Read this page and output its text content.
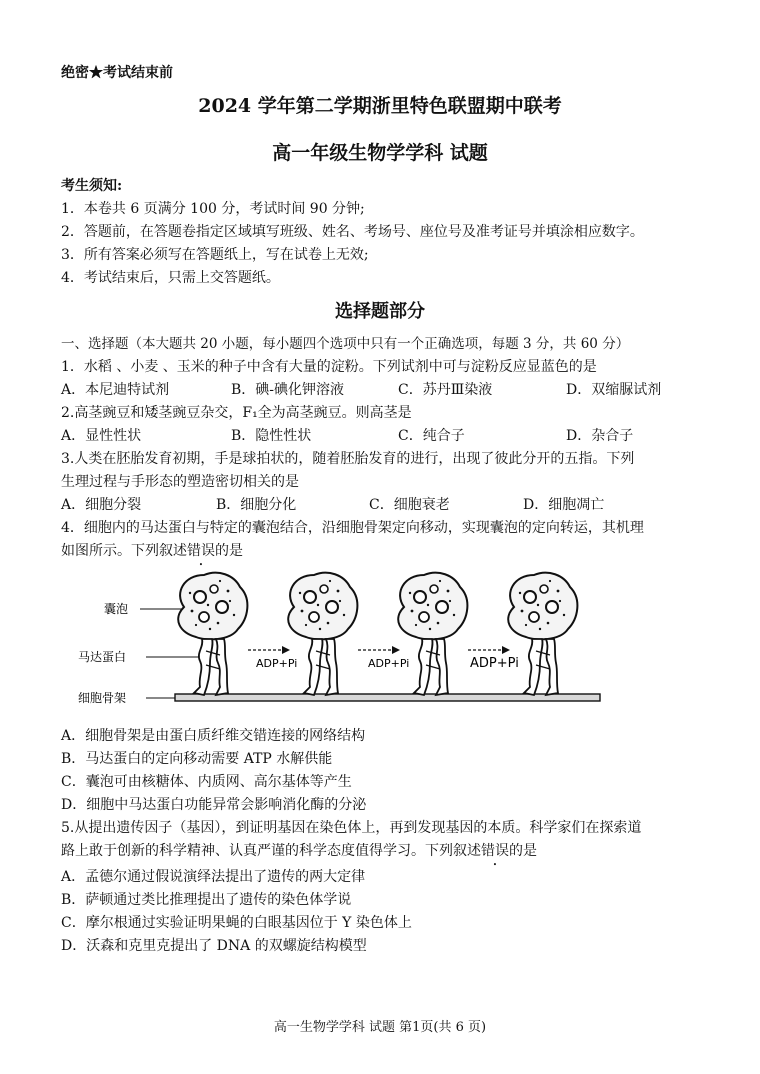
绝密★考试结束前
2024 学年第二学期浙里特色联盟期中联考
高一年级生物学学科 试题
考生须知:
1．本卷共 6 页满分 100 分，考试时间 90 分钟;
2．答题前，在答题卷指定区域填写班级、姓名、考场号、座位号及准考证号并填涂相应数字。
3．所有答案必须写在答题纸上，写在试卷上无效;
4．考试结束后，只需上交答题纸。
选择题部分
一、选择题（本大题共 20 小题，每小题四个选项中只有一个正确选项，每题 3 分，共 60 分）
1．水稻 、小麦 、玉米的种子中含有大量的淀粉。下列试剂中可与淀粉反应显蓝色的是
A．本尼迪特试剂	B．碘-碘化钾溶液	C．苏丹Ⅲ染液	D．双缩脲试剂
2.高茎豌豆和矮茎豌豆杂交，F₁全为高茎豌豆。则高茎是
A．显性性状	B．隐性性状	C．纯合子	D．杂合子
3.人类在胚胎发育初期，手是球拍状的，随着胚胎发育的进行，出现了彼此分开的五指。下列
生理过程与手形态的塑造密切相关的是
A．细胞分裂	B．细胞分化	C．细胞衰老	D．细胞凋亡
4．细胞内的马达蛋白与特定的囊泡结合，沿细胞骨架定向移动，实现囊泡的定向转运，其机理
如图所示。下列叙述错误的是
囊泡
马达蛋白
细胞骨架
ADP+Pi	ADP+Pi	ADP+Pi
A．细胞骨架是由蛋白质纤维交错连接的网络结构
B．马达蛋白的定向移动需要 ATP 水解供能
C．囊泡可由核糖体、内质网、高尔基体等产生
D．细胞中马达蛋白功能异常会影响消化酶的分泌
5.从提出遗传因子（基因），到证明基因在染色体上，再到发现基因的本质。科学家们在探索道
路上敢于创新的科学精神、认真严谨的科学态度值得学习。下列叙述错误的是
A．孟德尔通过假说演绎法提出了遗传的两大定律
B．萨顿通过类比推理提出了遗传的染色体学说
C．摩尔根通过实验证明果蝇的白眼基因位于 Y 染色体上
D．沃森和克里克提出了 DNA 的双螺旋结构模型
高一生物学学科 试题 第1页(共 6 页)
